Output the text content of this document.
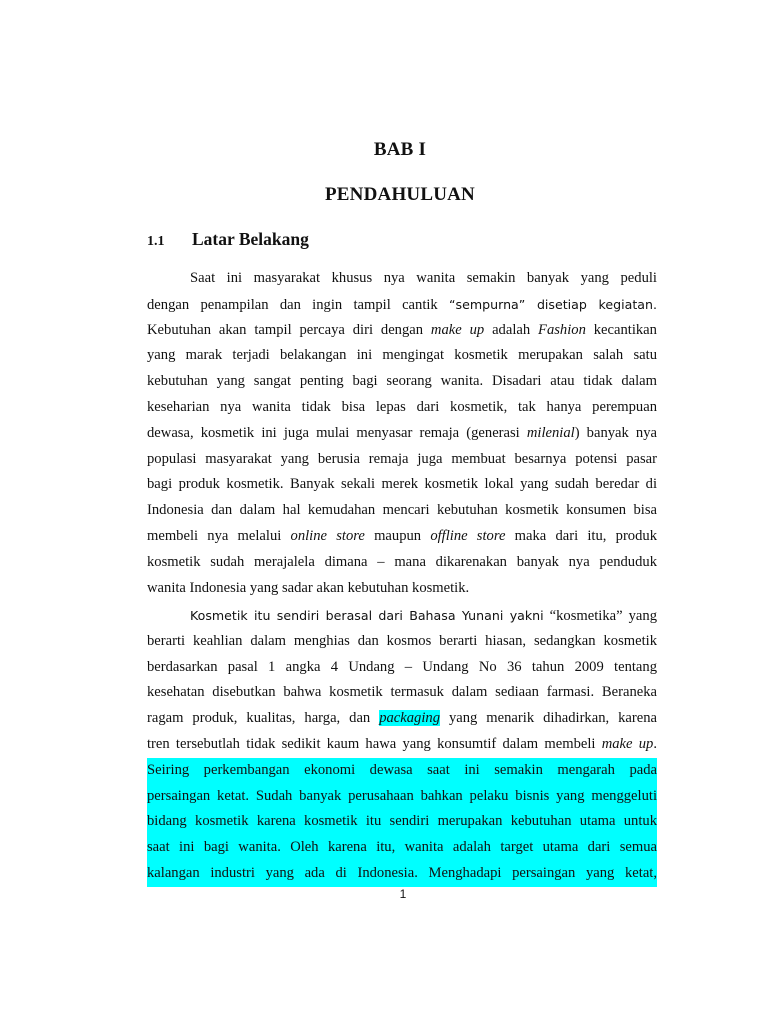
BAB I
PENDAHULUAN
1.1 Latar Belakang
Saat ini masyarakat khusus nya wanita semakin banyak yang peduli
dengan penampilan dan ingin tampil cantik “sempurna” disetiap kegiatan.
Kebutuhan akan tampil percaya diri dengan make up adalah Fashion kecantikan
yang marak terjadi belakangan ini mengingat kosmetik merupakan salah satu
kebutuhan yang sangat penting bagi seorang wanita. Disadari atau tidak dalam
keseharian nya wanita tidak bisa lepas dari kosmetik, tak hanya perempuan
dewasa, kosmetik ini juga mulai menyasar remaja (generasi milenial) banyak nya
populasi masyarakat yang berusia remaja juga membuat besarnya potensi pasar
bagi produk kosmetik. Banyak sekali merek kosmetik lokal yang sudah beredar di
Indonesia dan dalam hal kemudahan mencari kebutuhan kosmetik konsumen bisa
membeli nya melalui online store maupun offline store maka dari itu, produk
kosmetik sudah merajalela dimana – mana dikarenakan banyak nya penduduk
wanita Indonesia yang sadar akan kebutuhan kosmetik.
Kosmetik itu sendiri berasal dari Bahasa Yunani yakni “kosmetika” yang
berarti keahlian dalam menghias dan kosmos berarti hiasan, sedangkan kosmetik
berdasarkan pasal 1 angka 4 Undang – Undang No 36 tahun 2009 tentang
kesehatan disebutkan bahwa kosmetik termasuk dalam sediaan farmasi. Beraneka
ragam produk, kualitas, harga, dan packaging yang menarik dihadirkan, karena
tren tersebutlah tidak sedikit kaum hawa yang konsumtif dalam membeli make up.
Seiring perkembangan ekonomi dewasa saat ini semakin mengarah pada
persaingan ketat. Sudah banyak perusahaan bahkan pelaku bisnis yang menggeluti
bidang kosmetik karena kosmetik itu sendiri merupakan kebutuhan utama untuk
saat ini bagi wanita. Oleh karena itu, wanita adalah target utama dari semua
kalangan industri yang ada di Indonesia. Menghadapi persaingan yang ketat,
1
